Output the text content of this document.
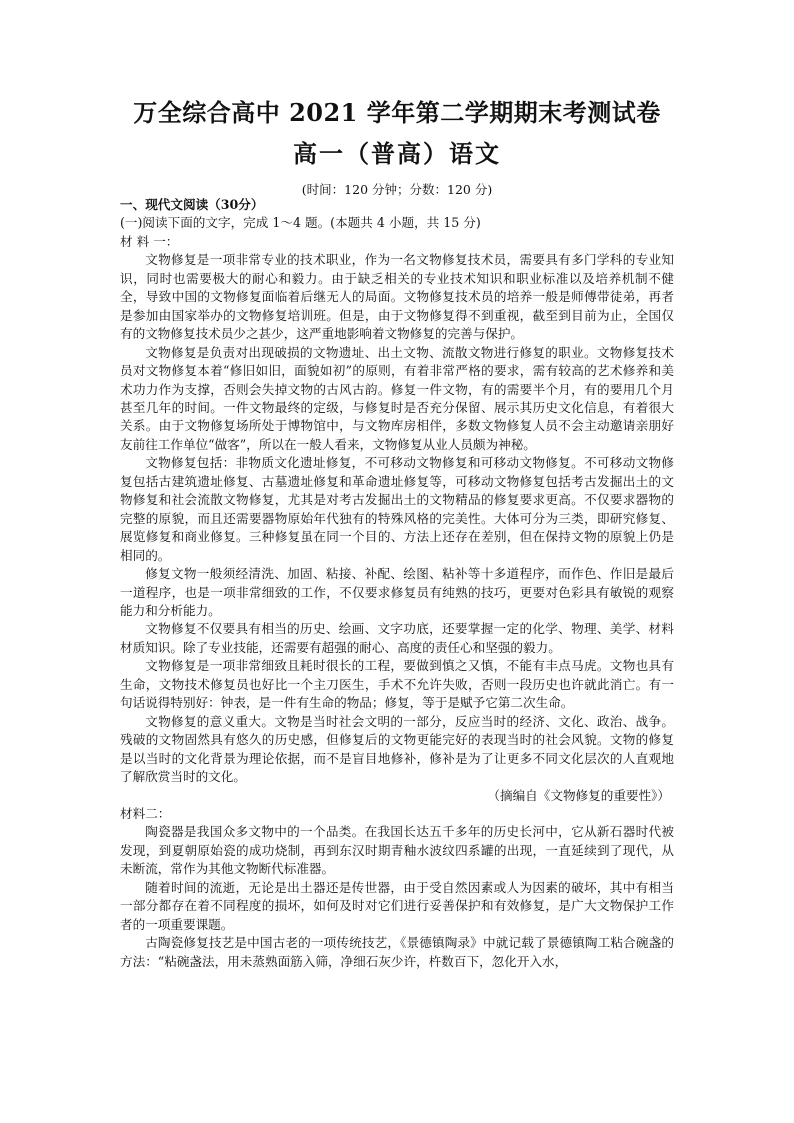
万全综合高中 2021 学年第二学期期末考测试卷
高一（普高）语文
(时间：120 分钟；分数：120 分)

一、现代文阅读（30分）

(一)阅读下面的文字，完成 1～4 题。(本题共 4 小题，共 15 分)

材 料 一：

文物修复是一项非常专业的技术职业，作为一名文物修复技术员，需要具有多门学科的专业知识，同时也需要极大的耐心和毅力。由于缺乏相关的专业技术知识和职业标准以及培养机制不健全，导致中国的文物修复面临着后继无人的局面。文物修复技术员的培养一般是师傅带徒弟，再者是参加由国家举办的文物修复培训班。但是，由于文物修复得不到重视，截至到目前为止，全国仅有的文物修复技术员少之甚少，这严重地影响着文物修复的完善与保护。

文物修复是负责对出现破损的文物遗址、出土文物、流散文物进行修复的职业。文物修复技术员对文物修复本着“修旧如旧，面貌如初”的原则，有着非常严格的要求，需有较高的艺术修养和美术功力作为支撑，否则会失掉文物的古风古韵。修复一件文物，有的需要半个月，有的要用几个月甚至几年的时间。一件文物最终的定级，与修复时是否充分保留、展示其历史文化信息，有着很大关系。由于文物修复场所处于博物馆中，与文物库房相伴，多数文物修复人员不会主动邀请亲朋好友前往工作单位“做客”，所以在一般人看来，文物修复从业人员颇为神秘。

文物修复包括：非物质文化遗址修复，不可移动文物修复和可移动文物修复。不可移动文物修复包括古建筑遗址修复、古墓遗址修复和革命遗址修复等，可移动文物修复包括考古发掘出土的文物修复和社会流散文物修复，尤其是对考古发掘出土的文物精品的修复要求更高。不仅要求器物的完整的原貌，而且还需要器物原始年代独有的特殊风格的完美性。大体可分为三类，即研究修复、展览修复和商业修复。三种修复虽在同一个目的、方法上还存在差别，但在保持文物的原貌上仍是相同的。

修复文物一般须经清洗、加固、粘接、补配、绘图、粘补等十多道程序，而作色、作旧是最后一道程序，也是一项非常细致的工作，不仅要求修复员有纯熟的技巧，更要对色彩具有敏锐的观察能力和分析能力。

文物修复不仅要具有相当的历史、绘画、文字功底，还要掌握一定的化学、物理、美学、材料材质知识。除了专业技能，还需要有超强的耐心、高度的责任心和坚强的毅力。

文物修复是一项非常细致且耗时很长的工程，要做到慎之又慎，不能有丰点马虎。文物也具有生命，文物技术修复员也好比一个主刀医生，手术不允许失败，否则一段历史也许就此消亡。有一句话说得特别好：钟表，是一件有生命的物品；修复，等于是赋予它第二次生命。

文物修复的意义重大。文物是当时社会文明的一部分，反应当时的经济、文化、政治、战争。残破的文物固然具有悠久的历史感，但修复后的文物更能完好的表现当时的社会风貌。文物的修复是以当时的文化背景为理论依据，而不是盲目地修补，修补是为了让更多不同文化层次的人直观地了解欣赏当时的文化。

（摘编自《文物修复的重要性》）

材料二：

陶瓷器是我国众多文物中的一个品类。在我国长达五千多年的历史长河中，它从新石器时代被发现，到夏朝原始瓷的成功烧制，再到东汉时期青釉水波纹四系罐的出现，一直延续到了现代，从未断流，常作为其他文物断代标准器。

随着时间的流逝，无论是出土器还是传世器，由于受自然因素或人为因素的破坏，其中有相当一部分都存在着不同程度的损坏，如何及时对它们进行妥善保护和有效修复，是广大文物保护工作者的一项重要课题。

古陶瓷修复技艺是中国古老的一项传统技艺，《景德镇陶录》中就记载了景德镇陶工粘合碗盏的方法：“粘碗盏法，用未蒸熟面筋入筛，净细石灰少许，杵数百下，忽化开入水，
